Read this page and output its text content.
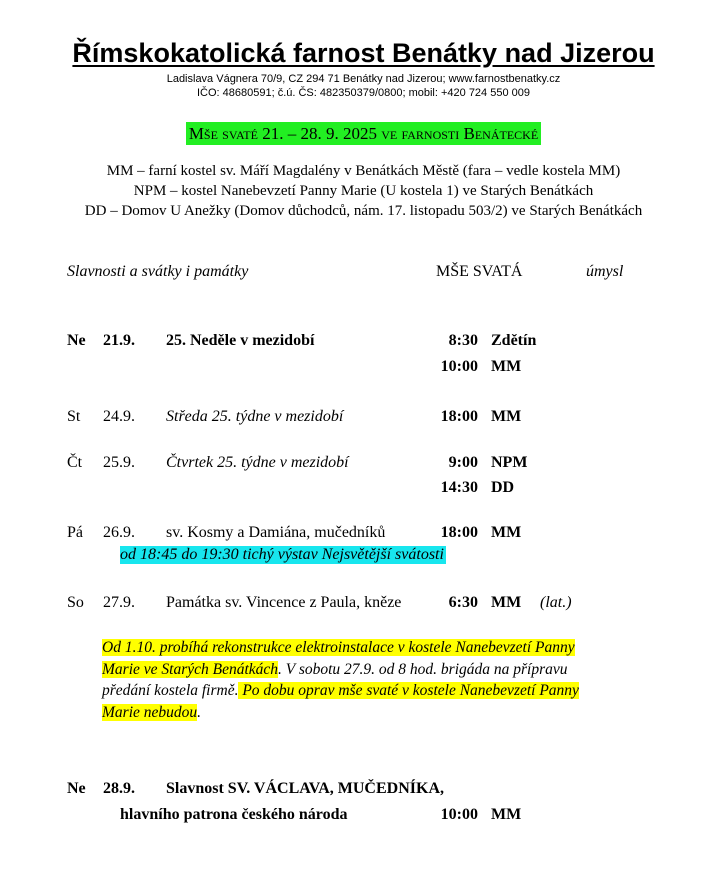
Římskokatolická farnost Benátky nad Jizerou
Ladislava Vágnera 70/9, CZ 294 71 Benátky nad Jizerou; www.farnostbenatky.cz
IČO: 48680591; č.ú. ČS: 482350379/0800; mobil: +420 724 550 009
Mše svaté 21. – 28. 9. 2025 ve farnosti Benátecké
MM – farní kostel sv. Máří Magdalény v Benátkách Městě (fara – vedle kostela MM)
NPM – kostel Nanebevzetí Panny Marie (U kostela 1) ve Starých Benátkách
DD – Domov U Anežky (Domov důchodců, nám. 17. listopadu 503/2) ve Starých Benátkách
Slavnosti a svátky i památky	MŠE SVATÁ	úmysl
Ne 21.9. 25. Neděle v mezidobí	8:30 Zdětín
10:00 MM
St 24.9. Středa 25. týdne v mezidobí	18:00 MM
Čt 25.9. Čtvrtek 25. týdne v mezidobí	9:00 NPM
14:30 DD
Pá 26.9. sv. Kosmy a Damiána, mučedníků	18:00 MM
od 18:45 do 19:30 tichý výstav Nejsvětější svátosti
So 27.9. Památka sv. Vincence z Paula, kněze	6:30 MM (lat.)
Od 1.10. probíhá rekonstrukce elektroinstalace v kostele Nanebevzetí Panny Marie ve Starých Benátkách. V sobotu 27.9. od 8 hod. brigáda na přípravu předání kostela firmě. Po dobu oprav mše svaté v kostele Nanebevzetí Panny Marie nebudou.
Ne 28.9. Slavnost SV. VÁCLAVA, MUČEDNÍKA,
hlavního patrona českého národa	10:00 MM
